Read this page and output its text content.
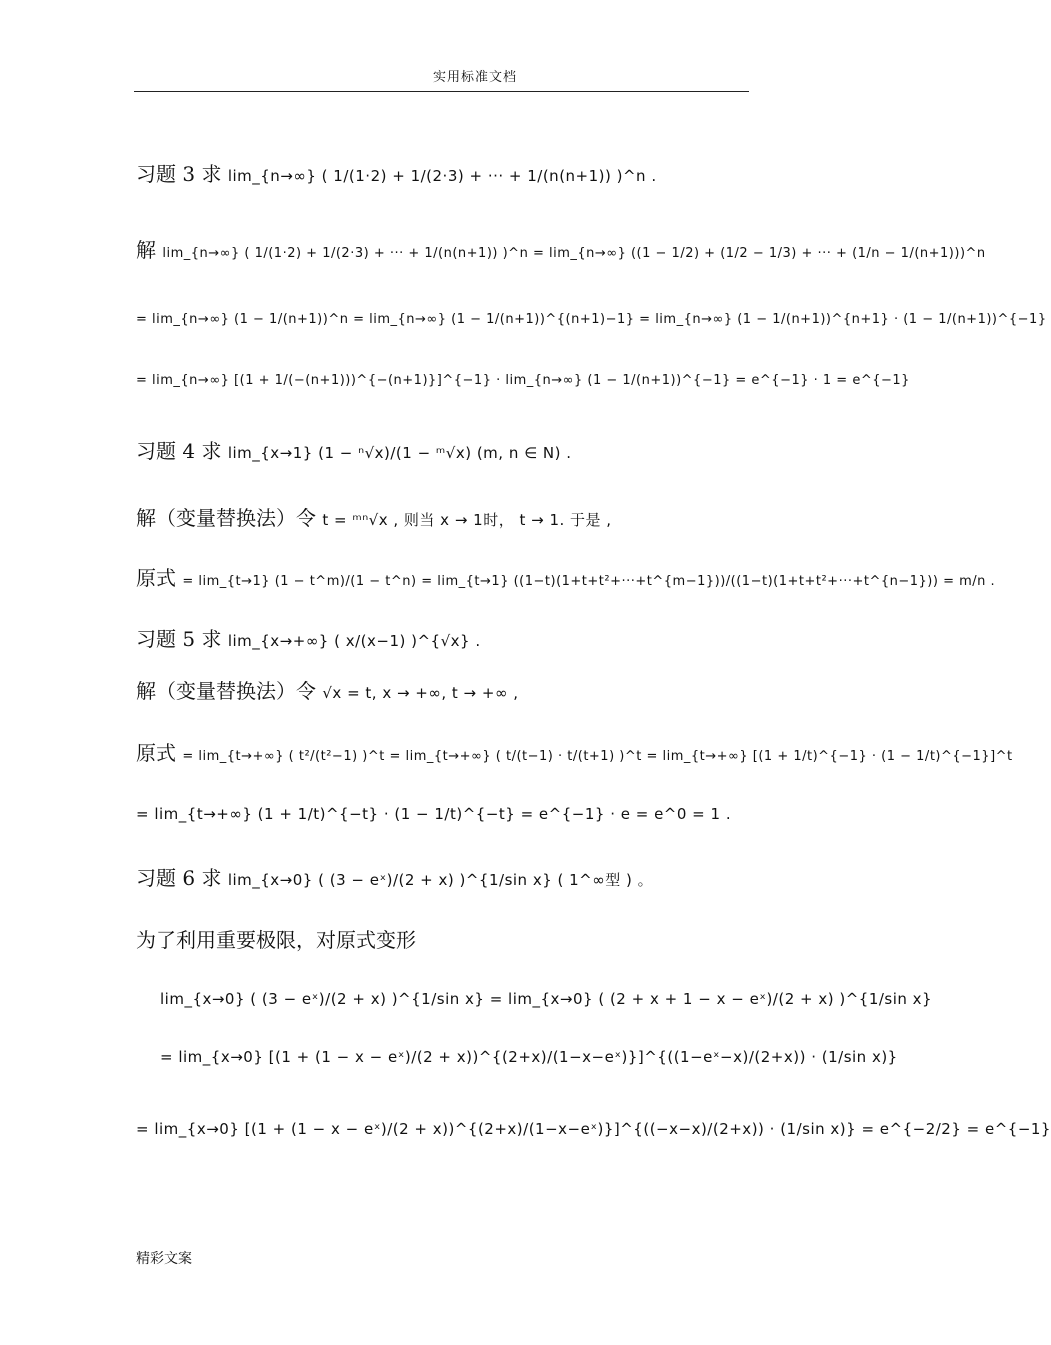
实用标准文档
习题 3 求 lim_{n→∞} ( 1/(1·2) + 1/(2·3) + ··· + 1/(n(n+1)) )^n .
解 lim_{n→∞} ( 1/(1·2) + 1/(2·3) + ··· + 1/(n(n+1)) )^n = lim_{n→∞} ((1 − 1/2) + (1/2 − 1/3) + ··· + (1/n − 1/(n+1)))^n
= lim_{n→∞} (1 − 1/(n+1))^n = lim_{n→∞} (1 − 1/(n+1))^{(n+1)−1} = lim_{n→∞} (1 − 1/(n+1))^{n+1} · (1 − 1/(n+1))^{−1}
= lim_{n→∞} [(1 + 1/(−(n+1)))^{−(n+1)}]^{−1} · lim_{n→∞} (1 − 1/(n+1))^{−1} = e^{−1} · 1 = e^{−1}
习题 4 求 lim_{x→1} (1 − ⁿ√x)/(1 − ᵐ√x) (m, n ∈ N) .
解（变量替换法）令 t = ᵐⁿ√x , 则当 x → 1时， t → 1. 于是 ,
原式 = lim_{t→1} (1 − t^m)/(1 − t^n) = lim_{t→1} ((1−t)(1+t+t²+···+t^{m−1}))/((1−t)(1+t+t²+···+t^{n−1})) = m/n .
习题 5 求 lim_{x→+∞} ( x/(x−1) )^{√x} .
解（变量替换法）令 √x = t, x → +∞, t → +∞ ,
原式 = lim_{t→+∞} ( t²/(t²−1) )^t = lim_{t→+∞} ( t/(t−1) · t/(t+1) )^t = lim_{t→+∞} [(1 + 1/t)^{−1} · (1 − 1/t)^{−1}]^t
= lim_{t→+∞} (1 + 1/t)^{−t} · (1 − 1/t)^{−t} = e^{−1} · e = e^0 = 1 .
习题 6 求 lim_{x→0} ( (3 − eˣ)/(2 + x) )^{1/sin x} ( 1^∞型 ) 。
为了利用重要极限，对原式变形
lim_{x→0} ( (3 − eˣ)/(2 + x) )^{1/sin x} = lim_{x→0} ( (2 + x + 1 − x − eˣ)/(2 + x) )^{1/sin x}
= lim_{x→0} [(1 + (1 − x − eˣ)/(2 + x))^{(2+x)/(1−x−eˣ)}]^{((1−eˣ−x)/(2+x)) · (1/sin x)}
= lim_{x→0} [(1 + (1 − x − eˣ)/(2 + x))^{(2+x)/(1−x−eˣ)}]^{((−x−x)/(2+x)) · (1/sin x)} = e^{−2/2} = e^{−1}
精彩文案
